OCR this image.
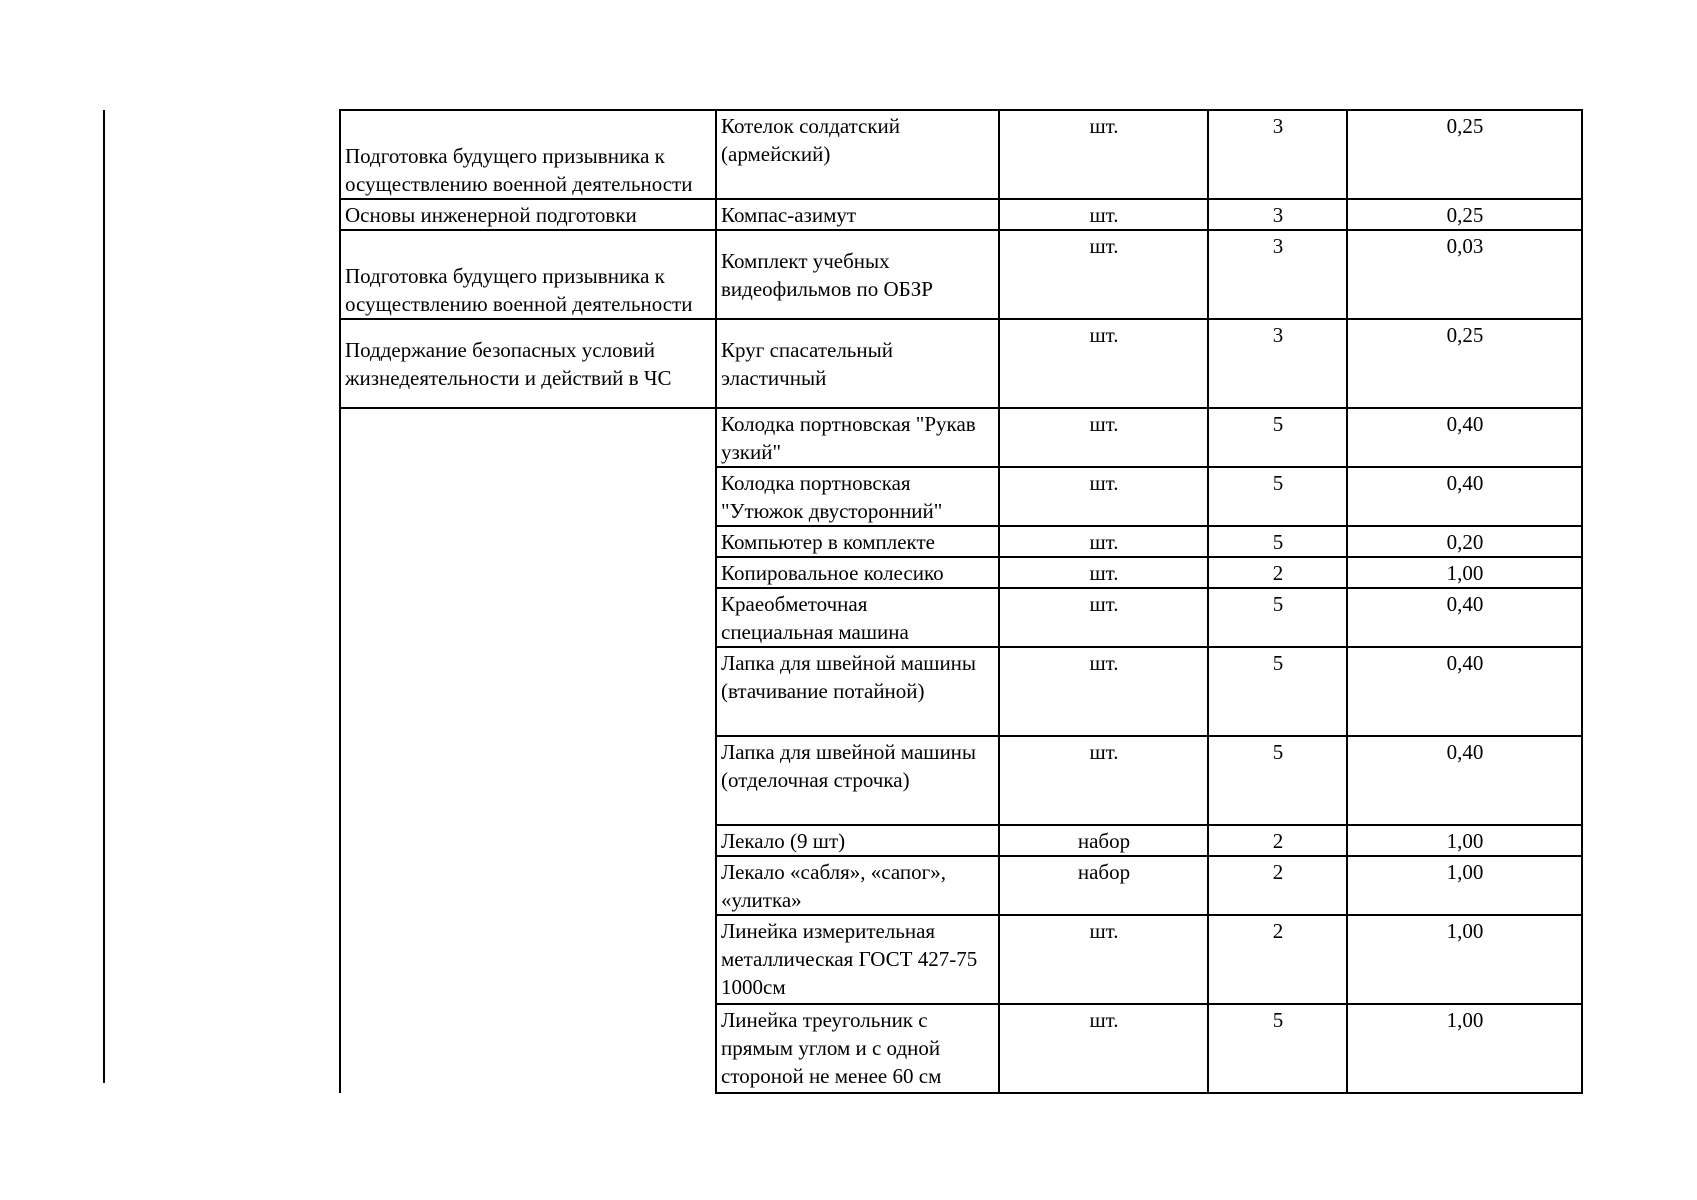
Подготовка будущего призывника к
осуществлению военной деятельности	Котелок солдатский
(армейский)	шт.	3	0,25
Основы инженерной подготовки	Компас-азимут	шт.	3	0,25
Подготовка будущего призывника к
осуществлению военной деятельности	Комплект учебных
видеофильмов по ОБЗР	шт.	3	0,03
Поддержание безопасных условий
жизнедеятельности и действий в ЧС	Круг спасательный
эластичный	шт.	3	0,25
	Колодка портновская "Рукав
узкий"	шт.	5	0,40
	Колодка портновская
"Утюжок двусторонний"	шт.	5	0,40
	Компьютер в комплекте	шт.	5	0,20
	Копировальное колесико	шт.	2	1,00
	Краеобметочная
специальная машина	шт.	5	0,40
	Лапка для швейной машины
(втачивание потайной)	шт.	5	0,40
	Лапка для швейной машины
(отделочная строчка)	шт.	5	0,40
	Лекало (9 шт)	набор	2	1,00
	Лекало «сабля», «сапог»,
«улитка»	набор	2	1,00
	Линейка измерительная
металлическая ГОСТ 427-75
1000см	шт.	2	1,00
	Линейка треугольник с
прямым углом и с одной
стороной не менее 60 см	шт.	5	1,00
